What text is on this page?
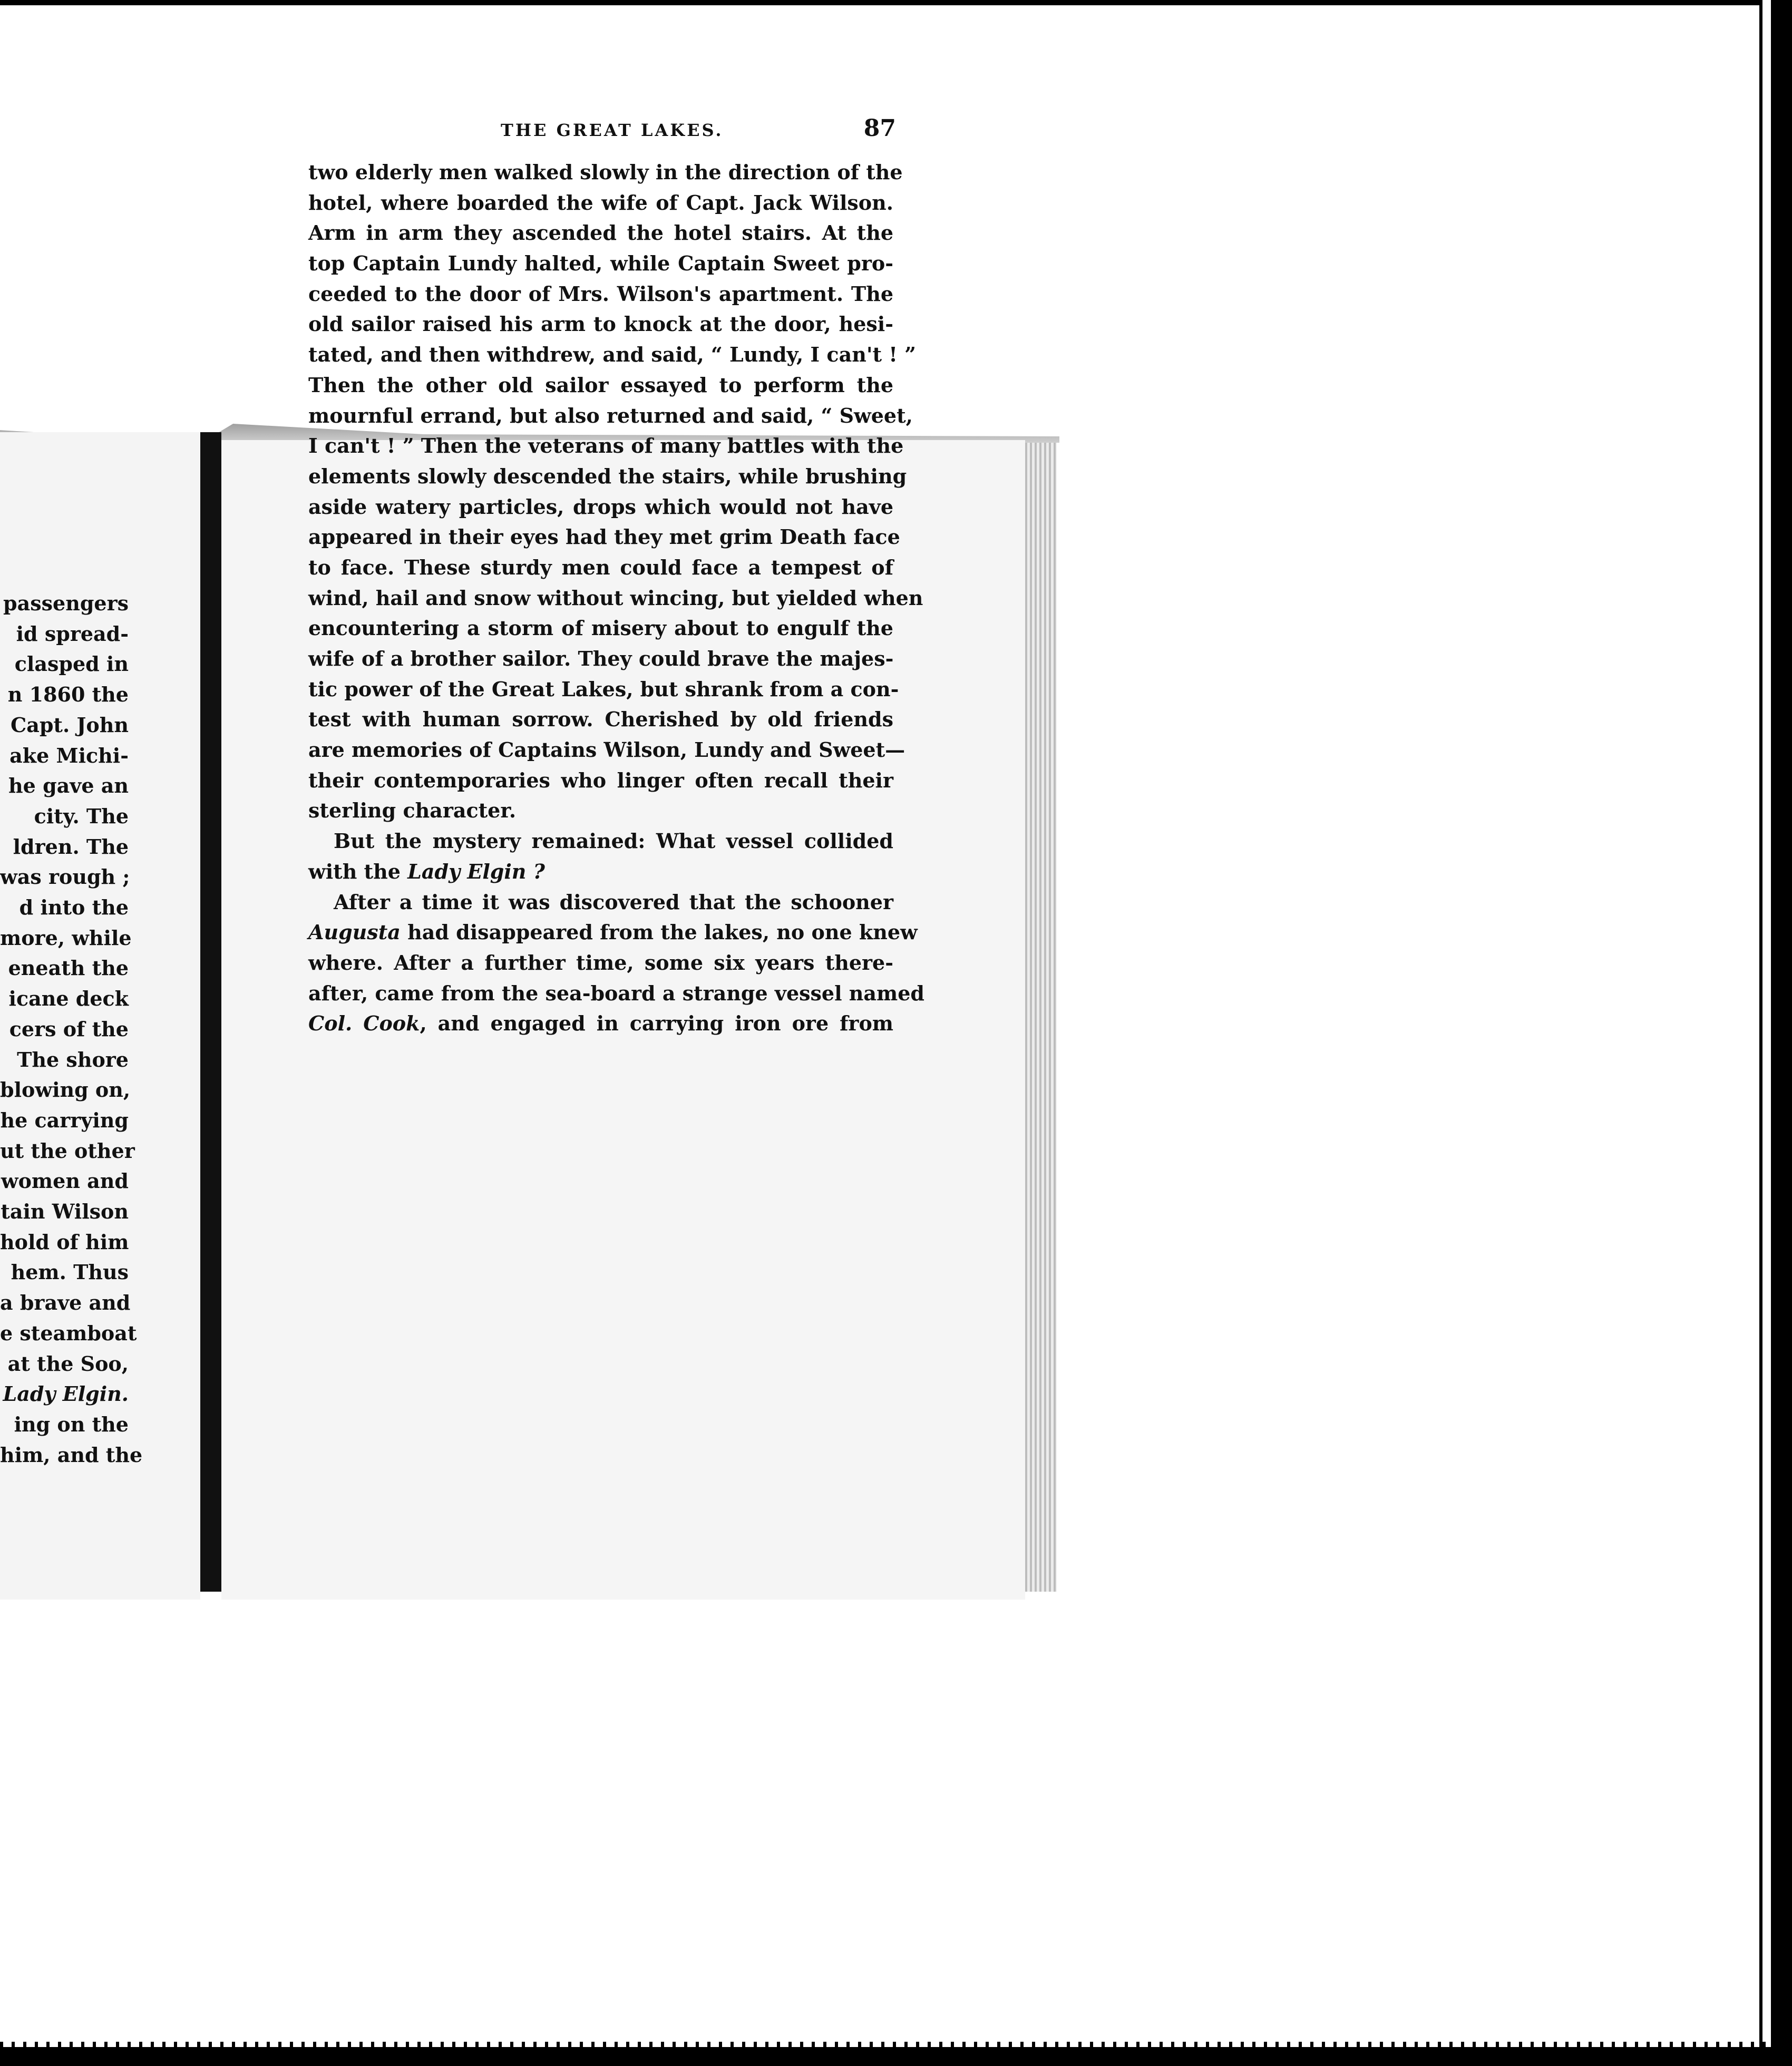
passengers
id spread-
clasped in
n 1860 the
Capt. John
ake Michi-
he gave an
city. The
ldren. The
was rough ;
d into the
more, while
eneath the
icane deck
cers of the
The shore
blowing on,
he carrying
ut the other
women and
tain Wilson
hold of him
hem. Thus
a brave and
e steamboat
at the Soo,
Lady Elgin.
ing on the
him, and the
THE GREAT LAKES.	87
two elderly men walked slowly in the direction of the
hotel, where boarded the wife of Capt. Jack Wilson.
Arm in arm they ascended the hotel stairs. At the
top Captain Lundy halted, while Captain Sweet pro-
ceeded to the door of Mrs. Wilson's apartment. The
old sailor raised his arm to knock at the door, hesi-
tated, and then withdrew, and said, “ Lundy, I can't ! ”
Then the other old sailor essayed to perform the
mournful errand, but also returned and said, “ Sweet,
I can't ! ” Then the veterans of many battles with the
elements slowly descended the stairs, while brushing
aside watery particles, drops which would not have
appeared in their eyes had they met grim Death face
to face. These sturdy men could face a tempest of
wind, hail and snow without wincing, but yielded when
encountering a storm of misery about to engulf the
wife of a brother sailor. They could brave the majes-
tic power of the Great Lakes, but shrank from a con-
test with human sorrow. Cherished by old friends
are memories of Captains Wilson, Lundy and Sweet—
their contemporaries who linger often recall their
sterling character.
But the mystery remained: What vessel collided
with the Lady Elgin ?
After a time it was discovered that the schooner
Augusta had disappeared from the lakes, no one knew
where. After a further time, some six years there-
after, came from the sea-board a strange vessel named
Col. Cook, and engaged in carrying iron ore from
